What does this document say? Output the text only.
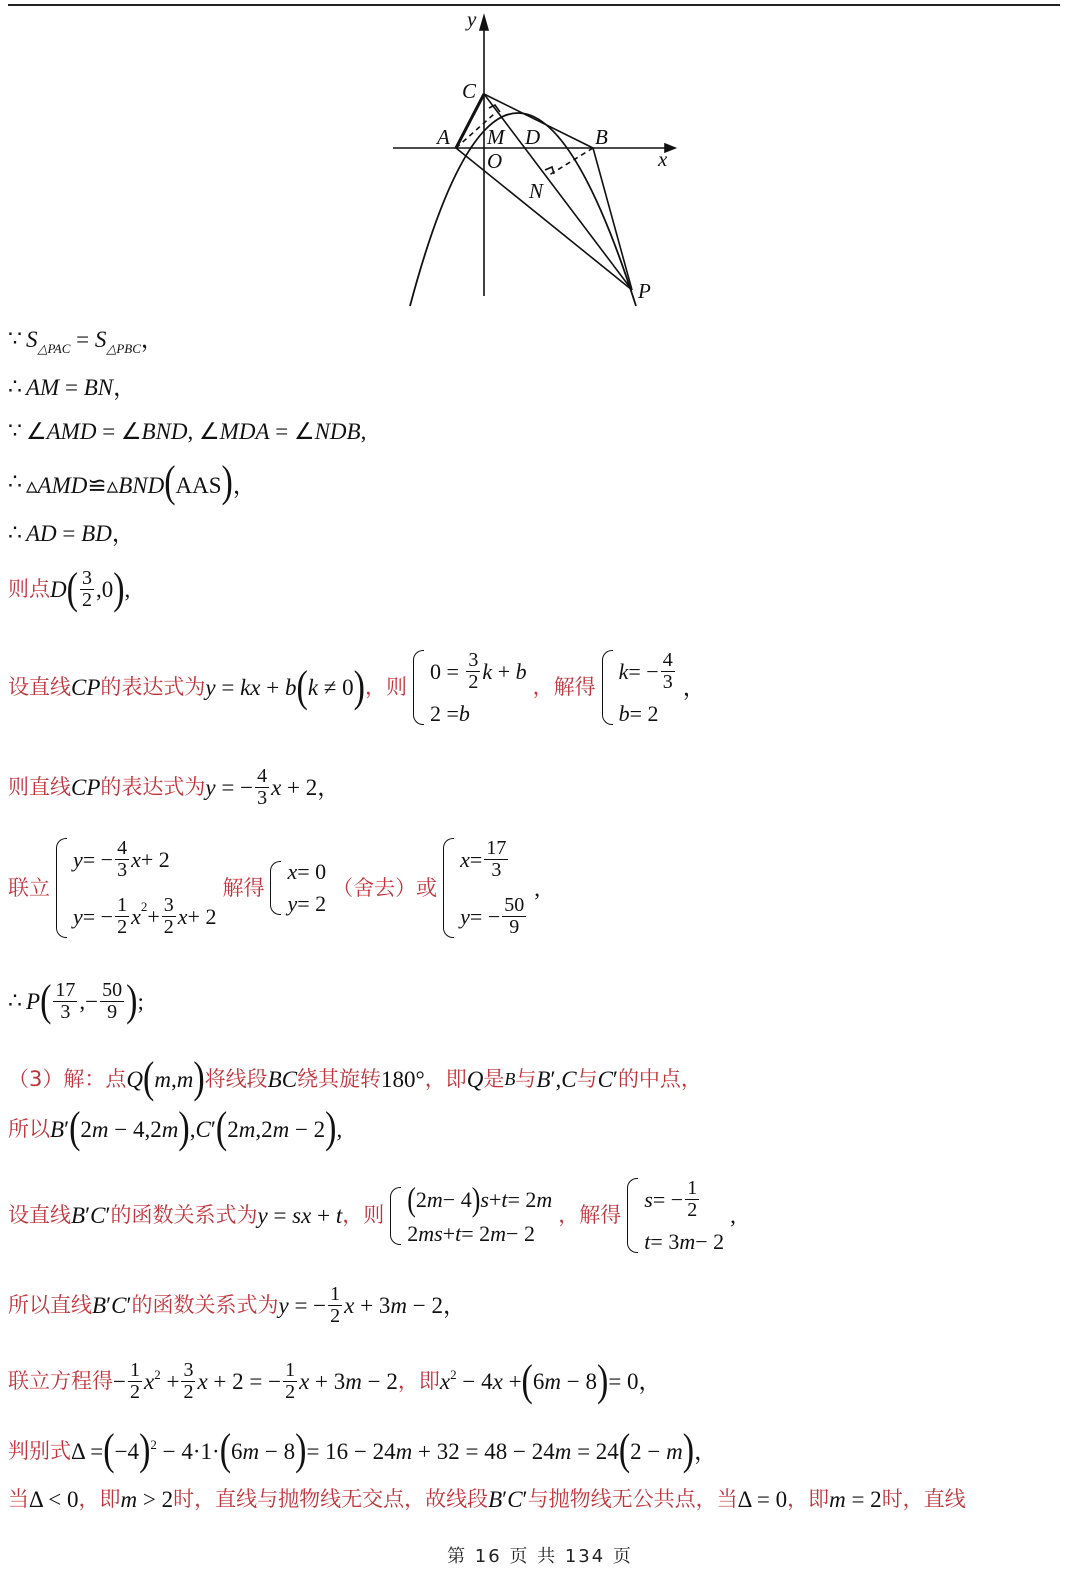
y
x
C
A M D	B
O
N
P
∵ $S_{\triangle PAC} = S_{\triangle PBC}$，
∴ AM = BN，
∵ ∠AMD = ∠BND, ∠MDA = ∠NDB,
∴ ▵AMD≌▵BND(AAS)，
∴ AD = BD，
则点 D ( $\frac{3}{2} ,0$ ) ,
设直线 CP 的表达式为 y = kx + b ( k ≠ 0 ) ，则
$0 = \frac{3}{2}$ k + b
2 = b
，解得
k = − $\frac{4}{3}$
b = 2
，
则直线 CP 的表达式为 y = − $\frac{4}{3}$ x + 2，
联立
y = − $\frac{4}{3}$ x + 2
y = − $\frac{1}{2}$ x $2 + \frac{3}{2}$ x + 2
解得
x = 0
y = 2
（舍去）或
$x = \frac{17}{3}$
y = − $\frac{50}{9}$
,
∴ P ( $\frac{17}{3}$ ,− $\frac{50}{9}$ ) ;
（3）解：点 Q ( m,m ) 将线段 BC 绕其旋转 180° ，即 Q 是 B 与 B′,C 与 C′ 的中点，
所以 B′ ( 2m − 4,2m ) ,C′ ( 2m,2m − 2 ) ,
设直线 B′C′ 的函数关系式为 y = sx + t ，则 ( 2 m − 4 ) s + t = 2 m
2 ms + t = 2 m − 2
，解得
s = − $\frac{1}{2}$
t = 3 m − 2
,
所以直线 B′C′ 的函数关系式为 y = − $\frac{1}{2}$ x + 3m − 2，
联立方程得 − $\frac{1}{2} x^2 + \frac{3}{2}$ x + 2 = − $\frac{1}{2}$ x + 3m − 2 ，即 $x^2 - 4x$ + ( 6m − 8 ) = 0，
判别式 Δ = ( −4 ) $^2$ − 4·1· ( 6m − 8 ) = 16 − 24m + 32 = 48 − 24m = 24 ( 2 − m ) ，
当 Δ < 0 ，即 m > 2 时，直线与抛物线无交点，故线段 B′C′ 与抛物线无公共点，当 Δ = 0 ，即 m = 2 时，直线
第 16 页 共 134 页
